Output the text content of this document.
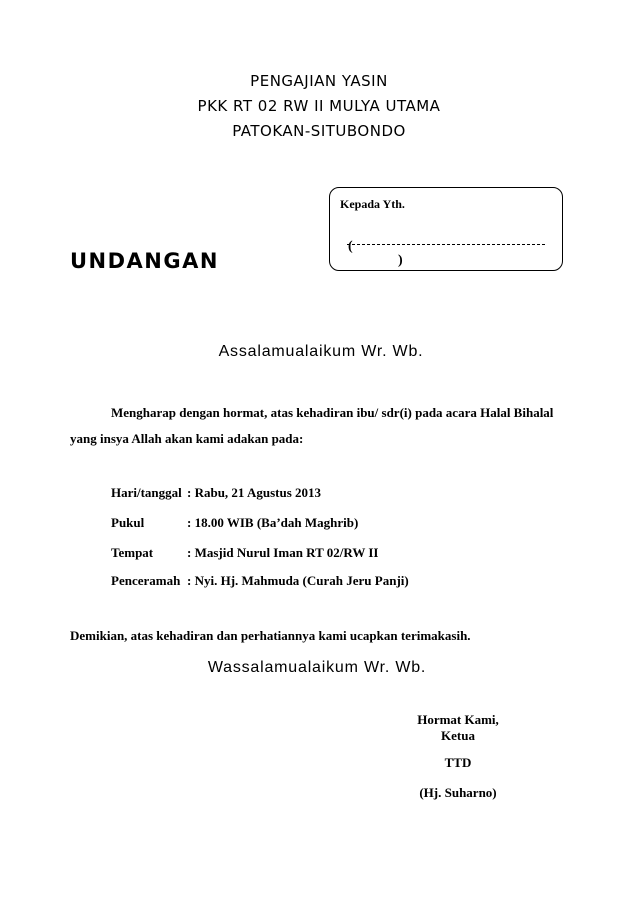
PENGAJIAN YASIN
PKK RT 02 RW II MULYA UTAMA
PATOKAN-SITUBONDO
Kepada Yth.
(
)
UNDANGAN
Assalamualaikum Wr. Wb.
Mengharap dengan hormat, atas kehadiran ibu/ sdr(i) pada acara Halal Bihalal
yang insya Allah akan kami adakan pada:
Hari/tanggal : Rabu, 21 Agustus 2013
Pukul	: 18.00 WIB (Ba’dah Maghrib)
Tempat	: Masjid Nurul Iman RT 02/RW II
Penceramah : Nyi. Hj. Mahmuda (Curah Jeru Panji)
Demikian, atas kehadiran dan perhatiannya kami ucapkan terimakasih.
Wassalamualaikum Wr. Wb.
Hormat Kami,
Ketua
TTD
(Hj. Suharno)
